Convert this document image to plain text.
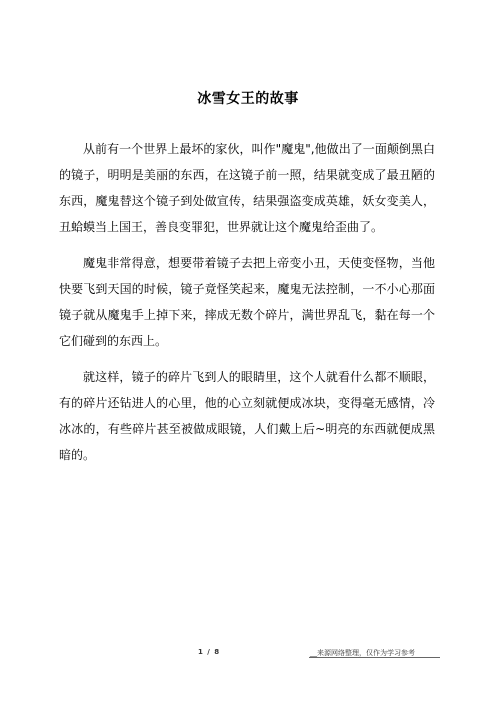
冰雪女王的故事

从前有一个世界上最坏的家伙，叫作"魔鬼",他做出了一面颠倒黑白的镜子，明明是美丽的东西，在这镜子前一照，结果就变成了最丑陋的东西，魔鬼替这个镜子到处做宣传，结果强盗变成英雄，妖女变美人，丑蛤蟆当上国王，善良变罪犯，世界就让这个魔鬼给歪曲了。

魔鬼非常得意，想要带着镜子去把上帝变小丑，天使变怪物，当他快要飞到天国的时候，镜子竟怪笑起来，魔鬼无法控制，一不小心那面镜子就从魔鬼手上掉下来，摔成无数个碎片，满世界乱飞，黏在每一个它们碰到的东西上。

就这样，镜子的碎片飞到人的眼睛里，这个人就看什么都不顺眼，有的碎片还钻进人的心里，他的心立刻就便成冰块，变得毫无感情，冷冰冰的，有些碎片甚至被做成眼镜，人们戴上后~明亮的东西就便成黑暗的。

1 / 8	__来源网络整理，仅作为学习参考
